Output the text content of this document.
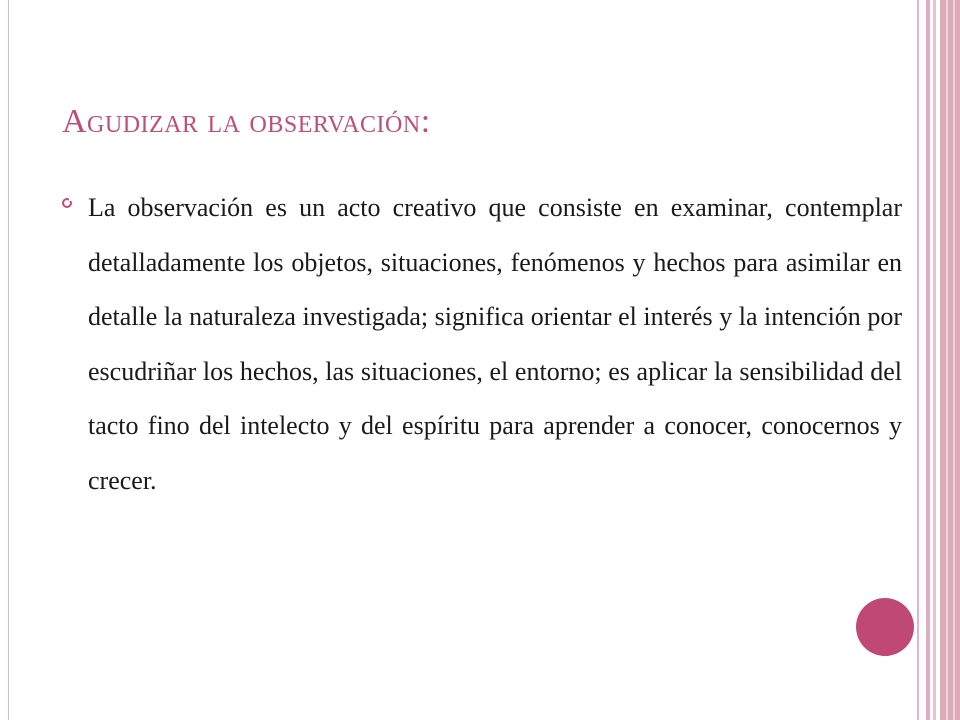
Agudizar la observación:

La observación es un acto creativo que consiste en examinar, contemplar detalladamente los objetos, situaciones, fenómenos y hechos para asimilar en detalle la naturaleza investigada; significa orientar el interés y la intención por escudriñar los hechos, las situaciones, el entorno; es aplicar la sensibilidad del tacto fino del intelecto y del espíritu para aprender a conocer, conocernos y crecer.
